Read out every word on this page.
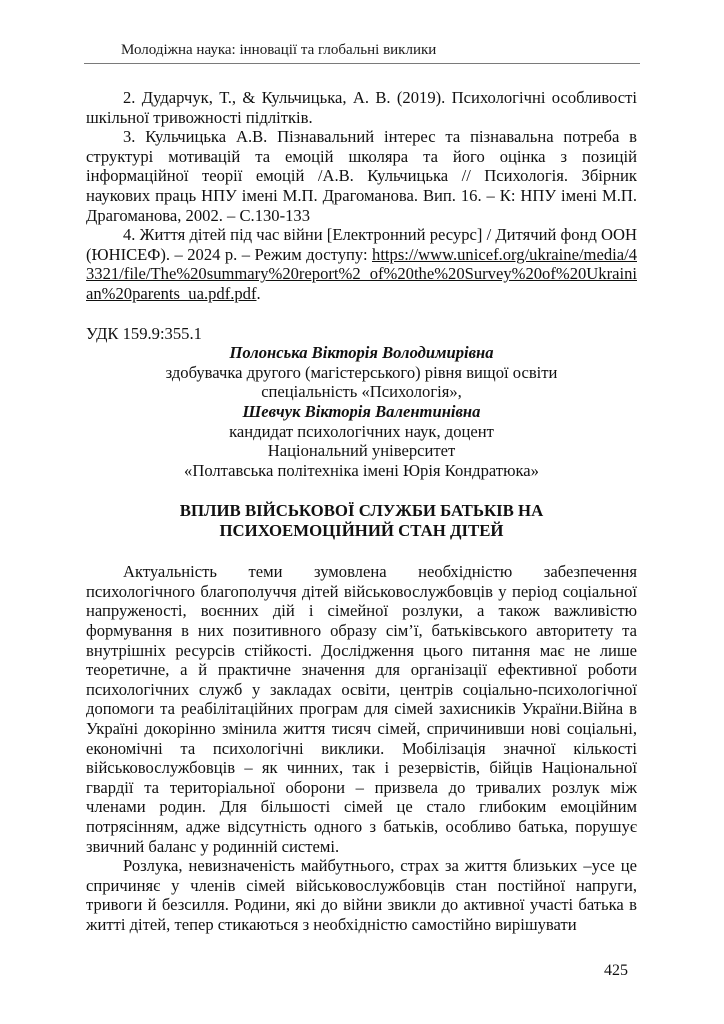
Молодіжна наука: інновації та глобальні виклики

2. Дударчук, Т., & Кульчицька, А. В. (2019). Психологічні особливості шкільної тривожності підлітків.

3. Кульчицька А.В. Пізнавальний інтерес та пізнавальна потреба в структурі мотивацій та емоцій школяра та його оцінка з позицій інформаційної теорії емоцій /А.В. Кульчицька // Психологія. Збірник наукових праць НПУ імені М.П. Драгоманова. Вип. 16. – К: НПУ імені М.П. Драгоманова, 2002. – С.130-133

4. Життя дітей під час війни [Електронний ресурс] / Дитячий фонд ООН (ЮНІСЕФ). – 2024 р. – Режим доступу: https://www.unicef.org/ukraine/media/43321/file/The%20summary%20report%2 of%20the%20Survey%20of%20Ukrainian%20parents_ua.pdf.pdf.

УДК 159.9:355.1

Полонська Вікторія Володимирівна

здобувачка другого (магістерського) рівня вищої освіти

спеціальність «Психологія»,

Шевчук Вікторія Валентинівна

кандидат психологічних наук, доцент

Національний університет

«Полтавська політехніка імені Юрія Кондратюка»

ВПЛИВ ВІЙСЬКОВОЇ СЛУЖБИ БАТЬКІВ НА
ПСИХОЕМОЦІЙНИЙ СТАН ДІТЕЙ

Актуальність теми зумовлена необхідністю забезпечення психологічного благополуччя дітей військовослужбовців у період соціальної напруженості, воєнних дій і сімейної розлуки, а також важливістю формування в них позитивного образу сім’ї, батьківського авторитету та внутрішніх ресурсів стійкості. Дослідження цього питання має не лише теоретичне, а й практичне значення для організації ефективної роботи психологічних служб у закладах освіти, центрів соціально-психологічної допомоги та реабілітаційних програм для сімей захисників України.Війна в Україні докорінно змінила життя тисяч сімей, спричинивши нові соціальні, економічні та психологічні виклики. Мобілізація значної кількості військовослужбовців – як чинних, так і резервістів, бійців Національної гвардії та територіальної оборони – призвела до тривалих розлук між членами родин. Для більшості сімей це стало глибоким емоційним потрясінням, адже відсутність одного з батьків, особливо батька, порушує звичний баланс у родинній системі.

Розлука, невизначеність майбутнього, страх за життя близьких –усе це спричиняє у членів сімей військовослужбовців стан постійної напруги, тривоги й безсилля. Родини, які до війни звикли до активної участі батька в житті дітей, тепер стикаються з необхідністю самостійно вирішувати

425
